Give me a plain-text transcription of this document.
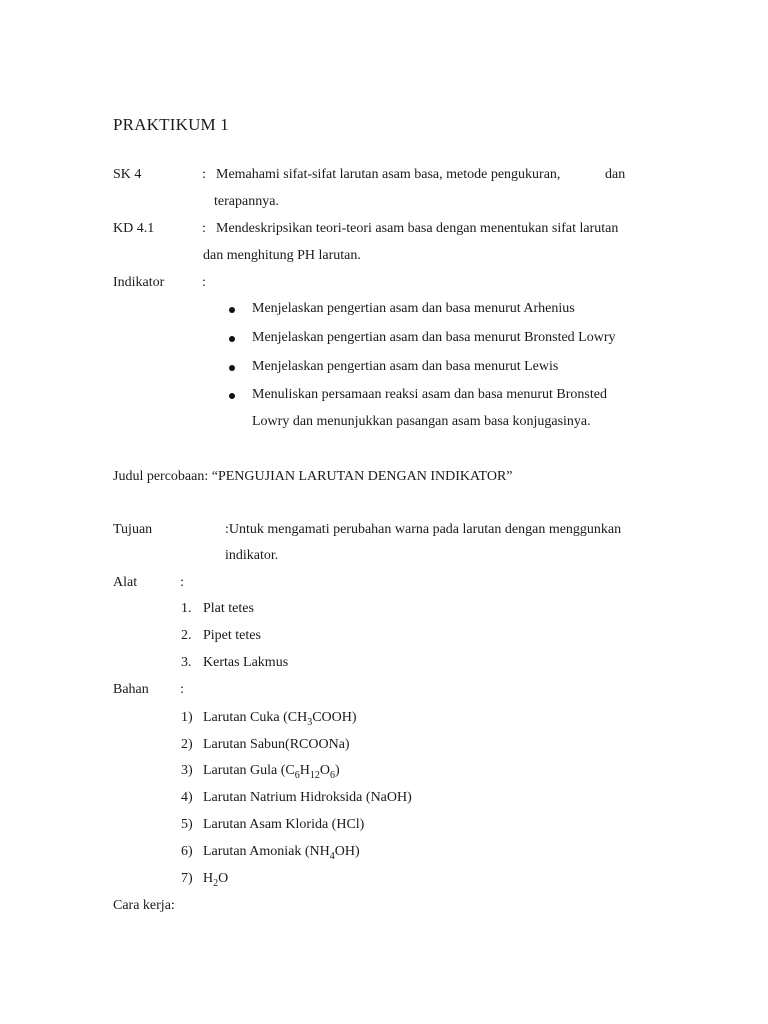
PRAKTIKUM 1
SK 4	: Memahami sifat-sifat larutan asam basa, metode pengukuran,	dan
terapannya.
KD 4.1	: Mendeskripsikan teori-teori asam basa dengan menentukan sifat larutan
dan menghitung PH larutan.
Indikator	:
Menjelaskan pengertian asam dan basa menurut Arhenius
Menjelaskan pengertian asam dan basa menurut Bronsted Lowry
Menjelaskan pengertian asam dan basa menurut Lewis
Menuliskan persamaan reaksi asam dan basa menurut Bronsted
Lowry dan menunjukkan pasangan asam basa konjugasinya.
Judul percobaan: “PENGUJIAN LARUTAN DENGAN INDIKATOR”
Tujuan	:Untuk mengamati perubahan warna pada larutan dengan menggunkan
indikator.
Alat	:
1. Plat tetes
2. Pipet tetes
3. Kertas Lakmus
Bahan :
1) Larutan Cuka $(CH_3COOH)$
2) Larutan Sabun(RCOONa)
3) Larutan Gula $(C_6H_{12}O_6)$
4) Larutan Natrium Hidroksida (NaOH)
5) Larutan Asam Klorida (HCl)
6) Larutan Amoniak $(NH_4OH)$
7) $H_2O$
Cara kerja:
